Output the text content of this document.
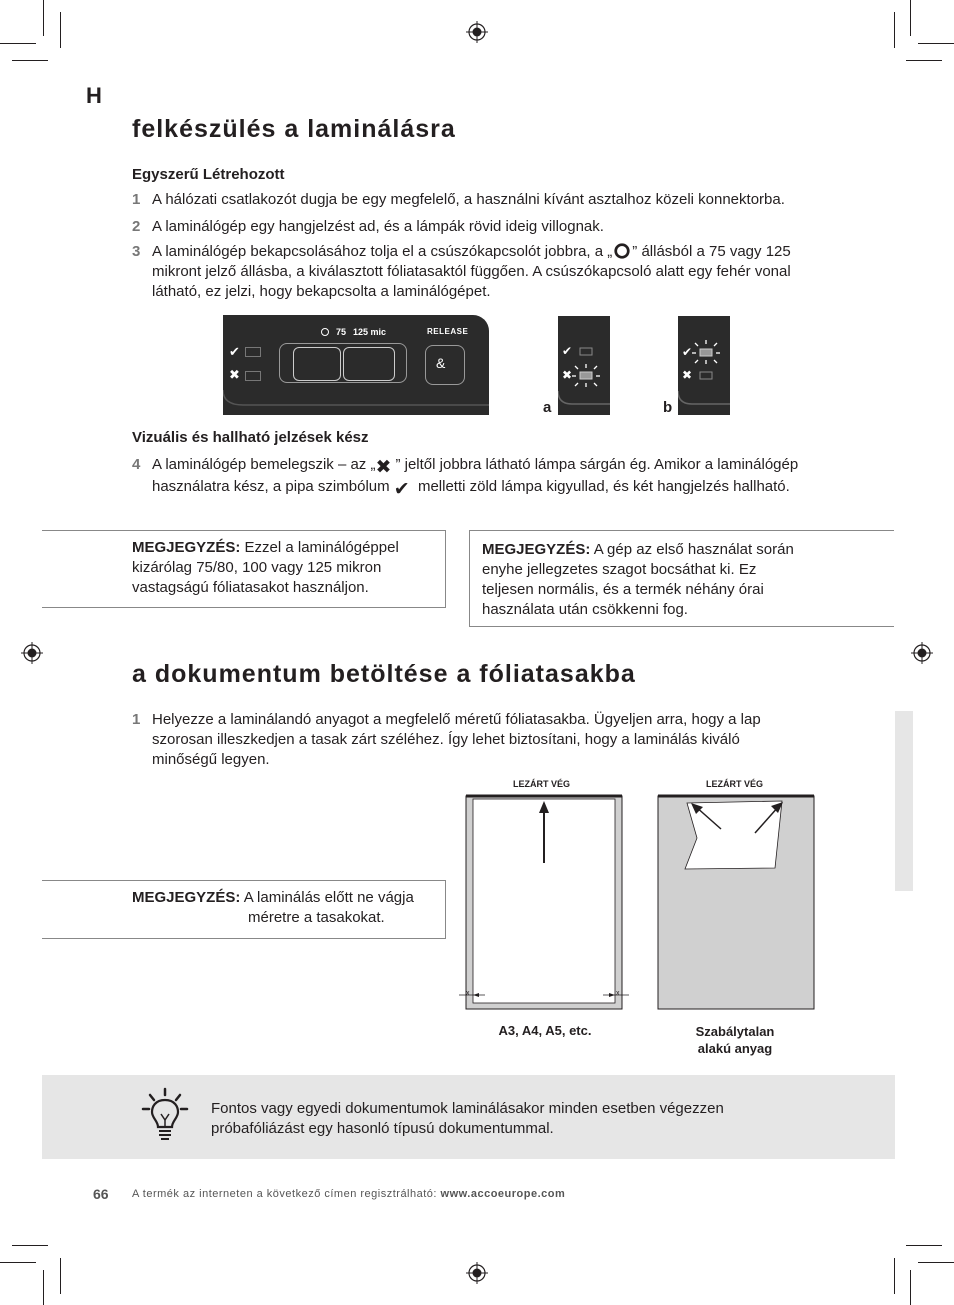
H
felkészülés a laminálásra
Egyszerű Létrehozott
1 A hálózati csatlakozót dugja be egy megfelelő, a használni kívánt asztalhoz közeli konnektorba.
2 A laminálógép egy hangjelzést ad, és a lámpák rövid ideig villognak.
3 A laminálógép bekapcsolásához tolja el a csúszókapcsolót jobbra, a „ ” állásból a 75 vagy 125 mikront jelző állásba, a kiválasztott fóliatasaktól függően. A csúszókapcsoló alatt egy fehér vonal látható, ez jelzi, hogy bekapcsolta a laminálógépet.
✔
✖
75 125 mic	RELEASE
&
✔
✖
a
✔
✖
b
Vizuális és hallható jelzések kész
4 A laminálógép bemelegszik – az „✖ ” jeltől jobbra látható lámpa sárgán ég. Amikor a laminálógép használatra kész, a pipa szimbólum ✔ melletti zöld lámpa kigyullad, és két hangjelzés hallható.
MEGJEGYZÉS: Ezzel a laminálógéppel kizárólag 75/80, 100 vagy 125 mikron vastagságú fóliatasakot használjon.
MEGJEGYZÉS: A gép az első használat során enyhe jellegzetes szagot bocsáthat ki. Ez teljesen normális, és a termék néhány órai használata után csökkenni fog.
a dokumentum betöltése a fóliatasakba
1 Helyezze a laminálandó anyagot a megfelelő méretű fóliatasakba. Ügyeljen arra, hogy a lap szorosan illeszkedjen a tasak zárt széléhez. Így lehet biztosítani, hogy a laminálás kiváló minőségű legyen.
MEGJEGYZÉS: A laminálás előtt ne vágja
méretre a tasakokat.
LEZÁRT VÉG	LEZÁRT VÉG
x	x
A3, A4, A5, etc.	Szabálytalan
alakú anyag
Fontos vagy egyedi dokumentumok laminálásakor minden esetben végezzen
próbafóliázást egy hasonló típusú dokumentummal.
66 A termék az interneten a következő címen regisztrálható: www.accoeurope.com
